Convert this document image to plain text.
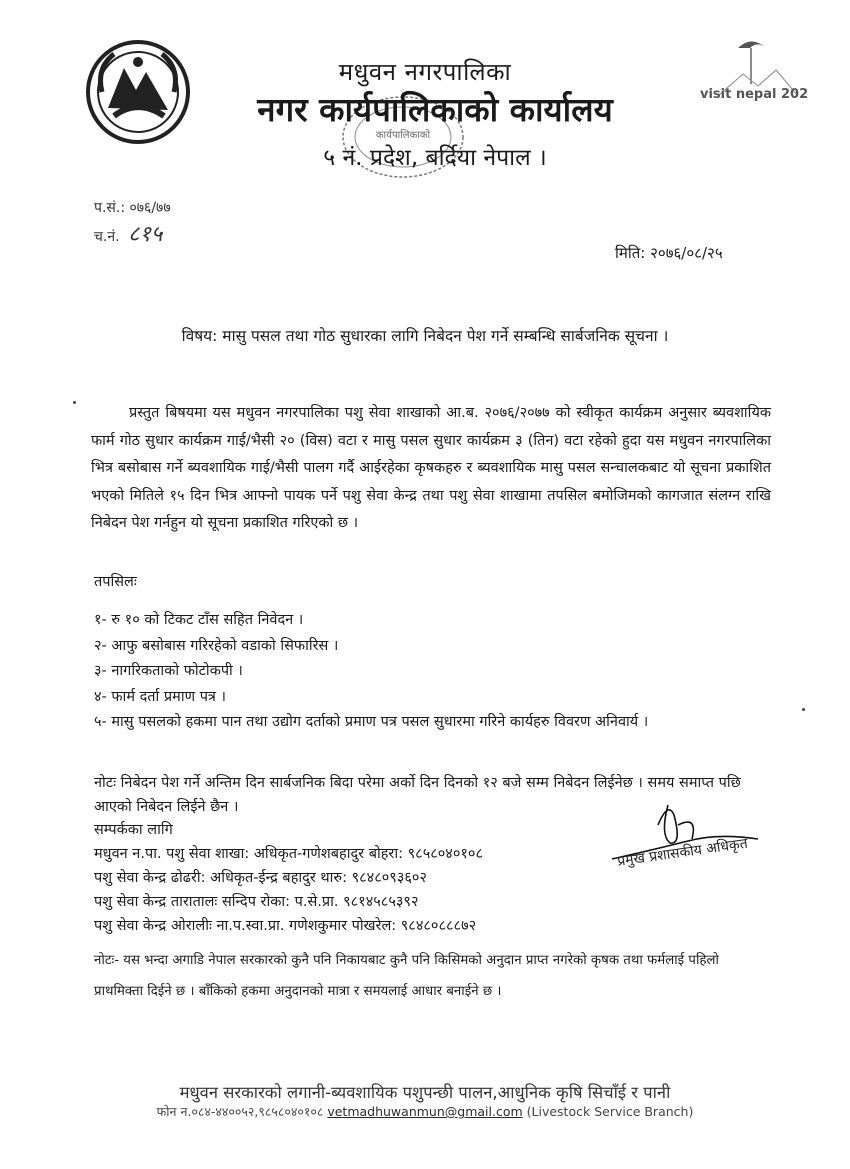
कार्यपालिकाको
मधुवन नगरपालिका
नगर कार्यपालिकाको कार्यालय
५ नं. प्रदेश, बर्दिया नेपाल ।
visit nepal 2020
प.सं.: ०७६/७७
च.नं. ८१५
मिति: २०७६/०८/२५
विषय: मासु पसल तथा गोठ सुधारका लागि निबेदन पेश गर्ने सम्बन्धि सार्बजनिक सूचना ।
प्रस्तुत बिषयमा यस मधुवन नगरपालिका पशु सेवा शाखाको आ.ब. २०७६/२०७७ को स्वीकृत कार्यक्रम अनुसार ब्यवशायिक फार्म गोठ सुधार कार्यक्रम गाई/भैसी २० (विस) वटा र मासु पसल सुधार कार्यक्रम ३ (तिन) वटा रहेको हुदा यस मधुवन नगरपालिका भित्र बसोबास गर्ने ब्यवशायिक गाई/भैसी पालग गर्दै आईरहेका कृषकहरु र ब्यवशायिक मासु पसल सन्चालकबाट यो सूचना प्रकाशित भएको मितिले १५ दिन भित्र आफ्नो पायक पर्ने पशु सेवा केन्द्र तथा पशु सेवा शाखामा तपसिल बमोजिमको कागजात संलग्न राखि निबेदन पेश गर्नहुन यो सूचना प्रकाशित गरिएको छ ।
तपसिलः
१- रु १० को टिकट टाँस सहित निवेदन ।
२- आफु बसोबास गरिरहेको वडाको सिफारिस ।
३- नागरिकताको फोटोकपी ।
४- फार्म दर्ता प्रमाण पत्र ।
५- मासु पसलको हकमा पान तथा उद्योग दर्ताको प्रमाण पत्र पसल सुधारमा गरिने कार्यहरु विवरण अनिवार्य ।
नोटः निबेदन पेश गर्ने अन्तिम दिन सार्बजनिक बिदा परेमा अर्को दिन दिनको १२ बजे सम्म निबेदन लिईनेछ । समय समाप्त पछि आएको निबेदन लिईने छैन ।
सम्पर्कका लागि
मधुवन न.पा. पशु सेवा शाखा: अधिकृत-गणेशबहादुर बोहरा: ९८५८०४०१०८
पशु सेवा केन्द्र ढोढरी: अधिकृत-ईन्द्र बहादुर थारु: ९८४८०९३६०२
पशु सेवा केन्द्र तारातालः सन्दिप रोका: प.से.प्रा. ९८१४५८५३९२
पशु सेवा केन्द्र ओरालीः ना.प.स्वा.प्रा. गणेशकुमार पोखरेल: ९८४८०८८८७२
प्रमुख प्रशासकीय अधिकृत
नोटः- यस भन्दा अगाडि नेपाल सरकारको कुनै पनि निकायबाट कुनै पनि किसिमको अनुदान प्राप्त नगरेको कृषक तथा फर्मलाई पहिलो प्राथमिक्ता दिईने छ । बाँकिको हकमा अनुदानको मात्रा र समयलाई आधार बनाईने छ ।
मधुवन सरकारको लगानी-ब्यवशायिक पशुपन्छी पालन,आधुनिक कृषि सिचाँई र पानी
फोन न.०८४-४४००५२,९८५८०४०१०८ vetmadhuwanmun@gmail.com (Livestock Service Branch)
